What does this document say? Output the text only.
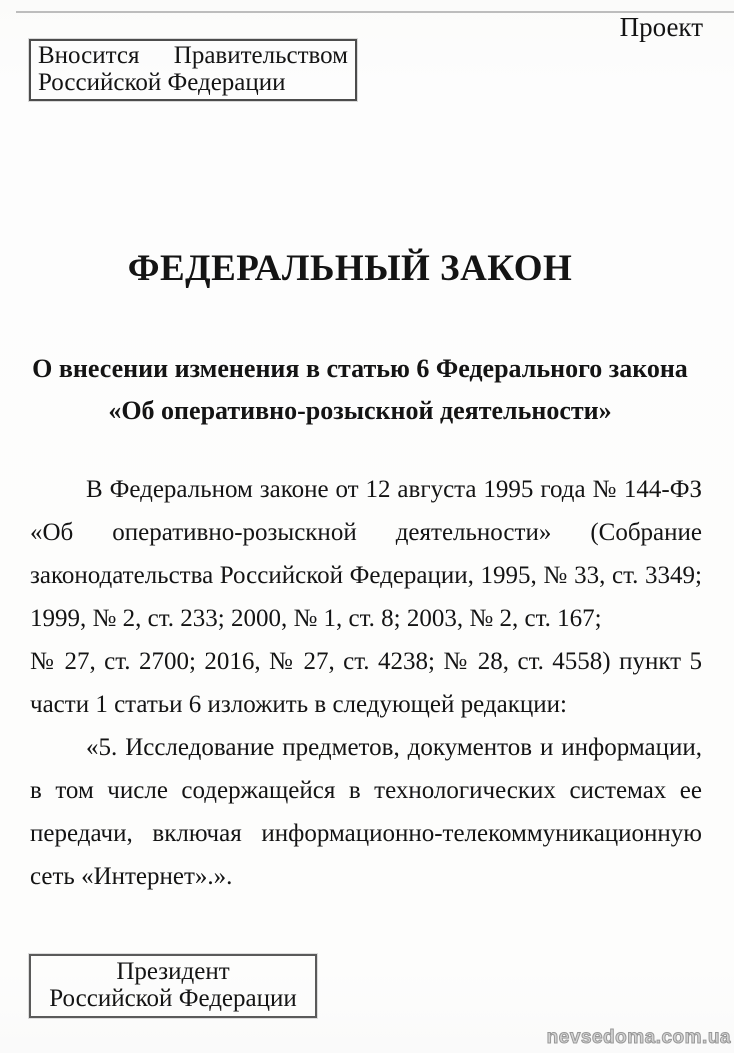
Проект
Вносится Правительством
Российской Федерации
ФЕДЕРАЛЬНЫЙ ЗАКОН
О внесении изменения в статью 6 Федерального закона
«Об оперативно-розыскной деятельности»
В Федеральном законе от 12 августа 1995 года № 144-ФЗ
«Об оперативно-розыскной деятельности» (Собрание
законодательства Российской Федерации, 1995, № 33, ст. 3349;
1999, № 2, ст. 233; 2000, № 1, ст. 8; 2003, № 2, ст. 167;
№ 27, ст. 2700; 2016, № 27, ст. 4238; № 28, ст. 4558) пункт 5
части 1 статьи 6 изложить в следующей редакции:
«5. Исследование предметов, документов и информации,
в том числе содержащейся в технологических системах ее
передачи, включая информационно-телекоммуникационную
сеть «Интернет».».
Президент
Российской Федерации
nevsedoma.com.ua
